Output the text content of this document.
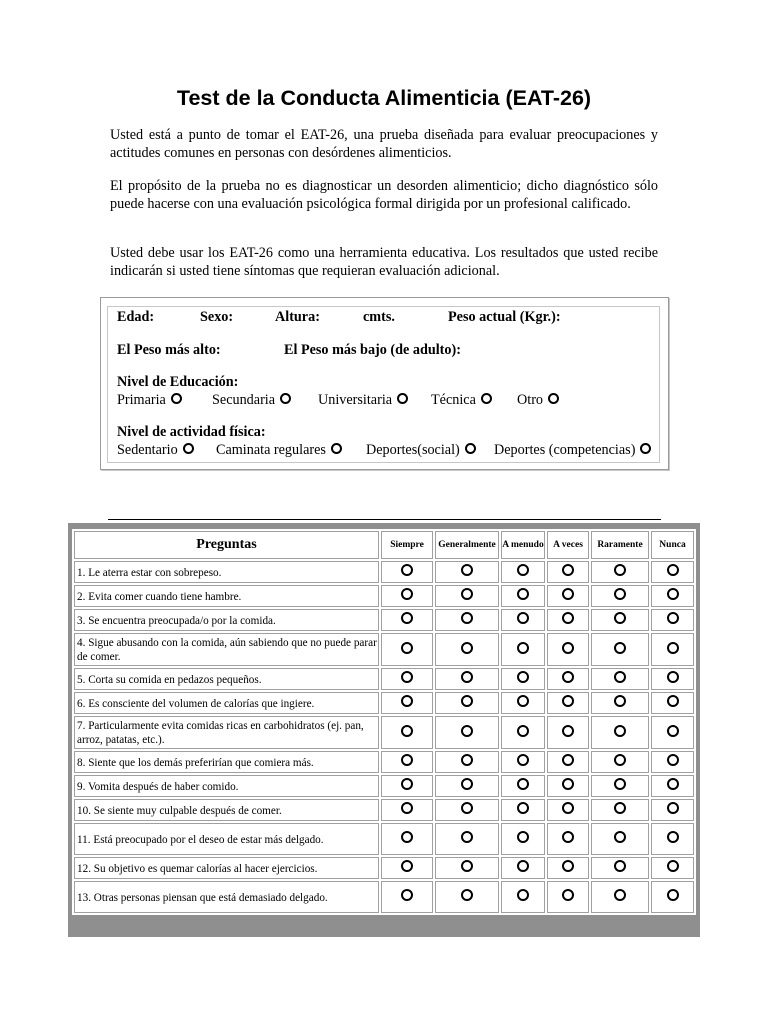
Test de la Conducta Alimenticia (EAT-26)

Usted está a punto de tomar el EAT-26, una prueba diseñada para evaluar preocupaciones y actitudes comunes en personas con desórdenes alimenticios.

El propósito de la prueba no es diagnosticar un desorden alimenticio; dicho diagnóstico sólo puede hacerse con una evaluación psicológica formal dirigida por un profesional calificado.

Usted debe usar los EAT-26 como una herramienta educativa. Los resultados que usted recibe indicarán si usted tiene síntomas que requieran evaluación adicional.

Edad:	Sexo:	Altura:	cmts.	Peso actual (Kgr.):
El Peso más alto:	El Peso más bajo (de adulto):
Nivel de Educación:
Primaria	Secundaria	Universitaria	Técnica	Otro
Nivel de actividad física:
Sedentario	Caminata regulares	Deportes(social)	Deportes (competencias)
Preguntas	Siempre	Generalmente	A menudo	A veces	Raramente	Nunca
1. Le aterra estar con sobrepeso.						
2. Evita comer cuando tiene hambre.						
3. Se encuentra preocupada/o por la comida.						
4. Sigue abusando con la comida, aún sabiendo que no puede parar de comer.						
5. Corta su comida en pedazos pequeños.						
6. Es consciente del volumen de calorías que ingiere.						
7. Particularmente evita comidas ricas en carbohidratos (ej. pan, arroz, patatas, etc.).						
8. Siente que los demás preferirían que comiera más.						
9. Vomita después de haber comido.						
10. Se siente muy culpable después de comer.						
11. Está preocupado por el deseo de estar más delgado.						
12. Su objetivo es quemar calorías al hacer ejercicios.						
13. Otras personas piensan que está demasiado delgado.						
